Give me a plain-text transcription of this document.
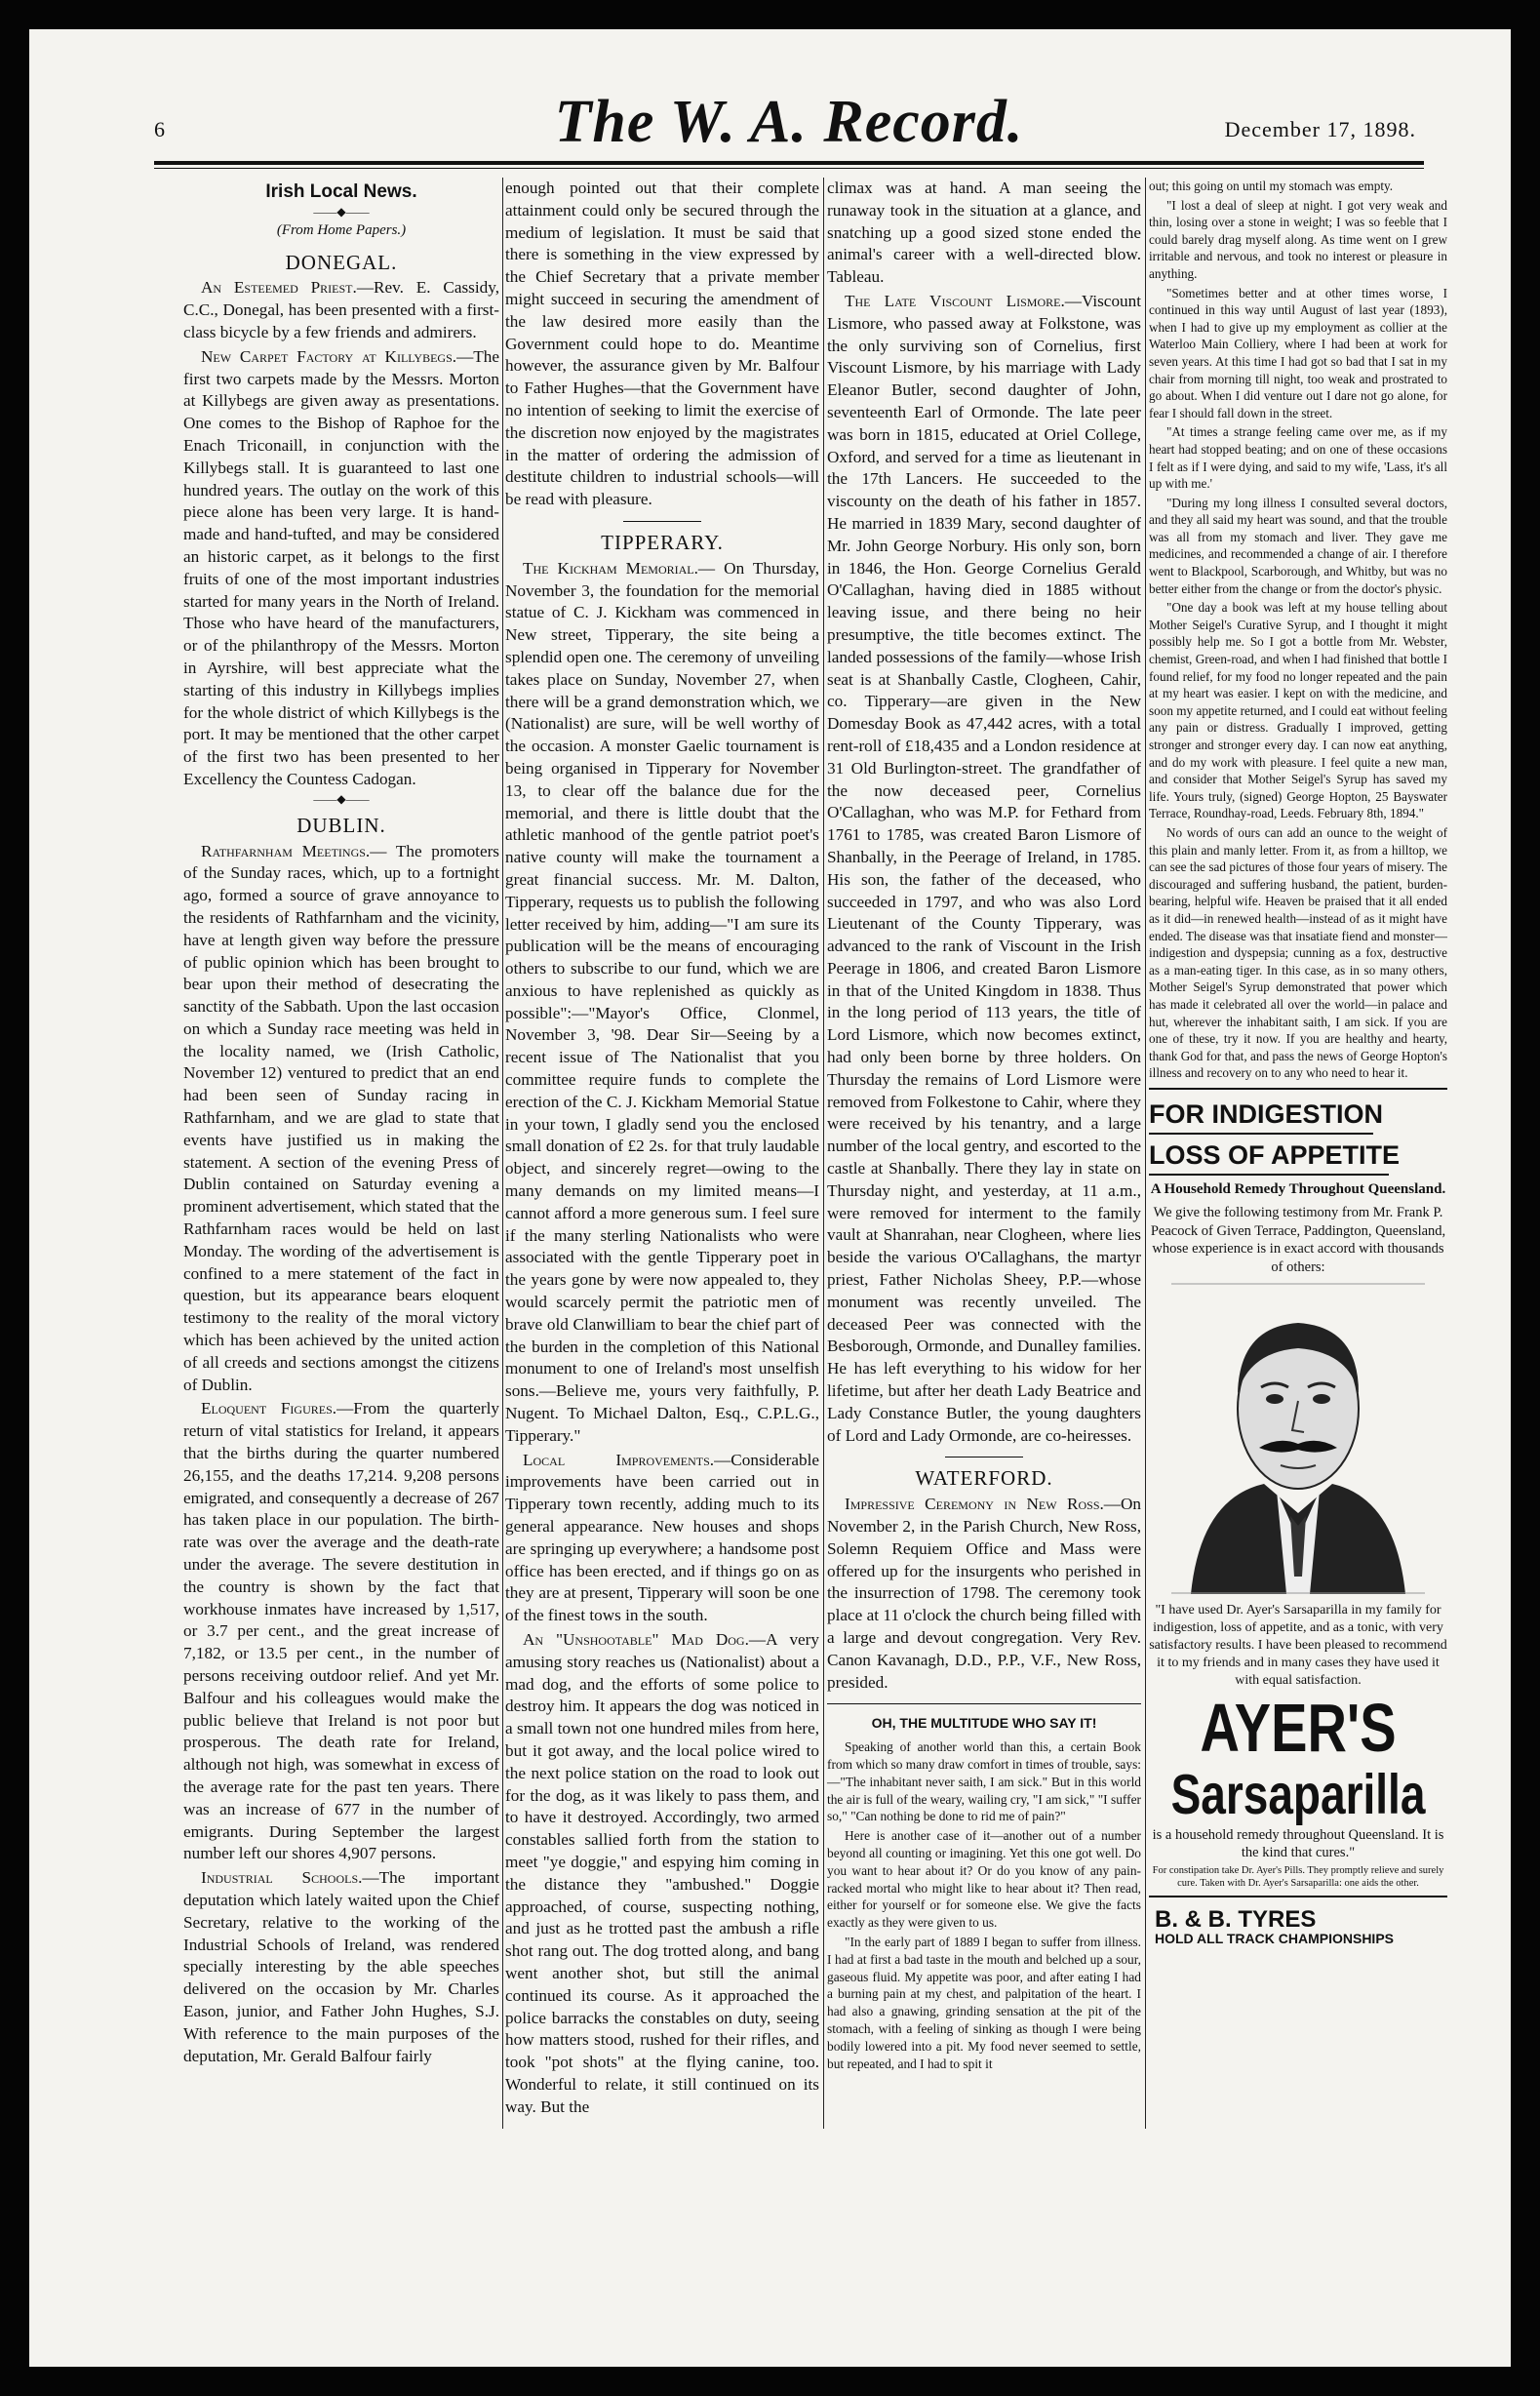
6	The W. A. Record.	December 17, 1898.
Irish Local News.
——◆——
(From Home Papers.)
DONEGAL.

An Esteemed Priest.—Rev. E. Cassidy, C.C., Donegal, has been presented with a first-class bicycle by a few friends and admirers.

New Carpet Factory at Killybegs.—The first two carpets made by the Messrs. Morton at Killybegs are given away as presentations. One comes to the Bishop of Raphoe for the Enach Triconaill, in conjunction with the Killybegs stall. It is guaranteed to last one hundred years. The outlay on the work of this piece alone has been very large. It is hand-made and hand-tufted, and may be considered an historic carpet, as it belongs to the first fruits of one of the most important industries started for many years in the North of Ireland. Those who have heard of the manufacturers, or of the philanthropy of the Messrs. Morton in Ayrshire, will best appreciate what the starting of this industry in Killybegs implies for the whole district of which Killybegs is the port. It may be mentioned that the other carpet of the first two has been presented to her Excellency the Countess Cadogan.

——◆——
DUBLIN.

Rathfarnham Meetings.— The promoters of the Sunday races, which, up to a fortnight ago, formed a source of grave annoyance to the residents of Rathfarnham and the vicinity, have at length given way before the pressure of public opinion which has been brought to bear upon their method of desecrating the sanctity of the Sabbath. Upon the last occasion on which a Sunday race meeting was held in the locality named, we (Irish Catholic, November 12) ventured to predict that an end had been seen of Sunday racing in Rathfarnham, and we are glad to state that events have justified us in making the statement. A section of the evening Press of Dublin contained on Saturday evening a prominent advertisement, which stated that the Rathfarnham races would be held on last Monday. The wording of the advertisement is confined to a mere statement of the fact in question, but its appearance bears eloquent testimony to the reality of the moral victory which has been achieved by the united action of all creeds and sections amongst the citizens of Dublin.

Eloquent Figures.—From the quarterly return of vital statistics for Ireland, it appears that the births during the quarter numbered 26,155, and the deaths 17,214. 9,208 persons emigrated, and consequently a decrease of 267 has taken place in our population. The birth-rate was over the average and the death-rate under the average. The severe destitution in the country is shown by the fact that workhouse inmates have increased by 1,517, or 3.7 per cent., and the great increase of 7,182, or 13.5 per cent., in the number of persons receiving outdoor relief. And yet Mr. Balfour and his colleagues would make the public believe that Ireland is not poor but prosperous. The death rate for Ireland, although not high, was somewhat in excess of the average rate for the past ten years. There was an increase of 677 in the number of emigrants. During September the largest number left our shores 4,907 persons.

Industrial Schools.—The important deputation which lately waited upon the Chief Secretary, relative to the working of the Industrial Schools of Ireland, was rendered specially interesting by the able speeches delivered on the occasion by Mr. Charles Eason, junior, and Father John Hughes, S.J. With reference to the main purposes of the deputation, Mr. Gerald Balfour fairly

enough pointed out that their complete attainment could only be secured through the medium of legislation. It must be said that there is something in the view expressed by the Chief Secretary that a private member might succeed in securing the amendment of the law desired more easily than the Government could hope to do. Meantime however, the assurance given by Mr. Balfour to Father Hughes—that the Government have no intention of seeking to limit the exercise of the discretion now enjoyed by the magistrates in the matter of ordering the admission of destitute children to industrial schools—will be read with pleasure.

TIPPERARY.

The Kickham Memorial.— On Thursday, November 3, the foundation for the memorial statue of C. J. Kickham was commenced in New street, Tipperary, the site being a splendid open one. The ceremony of unveiling takes place on Sunday, November 27, when there will be a grand demonstration which, we (Nationalist) are sure, will be well worthy of the occasion. A monster Gaelic tournament is being organised in Tipperary for November 13, to clear off the balance due for the memorial, and there is little doubt that the athletic manhood of the gentle patriot poet's native county will make the tournament a great financial success. Mr. M. Dalton, Tipperary, requests us to publish the following letter received by him, adding—"I am sure its publication will be the means of encouraging others to subscribe to our fund, which we are anxious to have replenished as quickly as possible":—"Mayor's Office, Clonmel, November 3, '98. Dear Sir—Seeing by a recent issue of The Nationalist that you committee require funds to complete the erection of the C. J. Kickham Memorial Statue in your town, I gladly send you the enclosed small donation of £2 2s. for that truly laudable object, and sincerely regret—owing to the many demands on my limited means—I cannot afford a more generous sum. I feel sure if the many sterling Nationalists who were associated with the gentle Tipperary poet in the years gone by were now appealed to, they would scarcely permit the patriotic men of brave old Clanwilliam to bear the chief part of the burden in the completion of this National monument to one of Ireland's most unselfish sons.—Believe me, yours very faithfully, P. Nugent. To Michael Dalton, Esq., C.P.L.G., Tipperary."

Local Improvements.—Considerable improvements have been carried out in Tipperary town recently, adding much to its general appearance. New houses and shops are springing up everywhere; a handsome post office has been erected, and if things go on as they are at present, Tipperary will soon be one of the finest tows in the south.

An "Unshootable" Mad Dog.—A very amusing story reaches us (Nationalist) about a mad dog, and the efforts of some police to destroy him. It appears the dog was noticed in a small town not one hundred miles from here, but it got away, and the local police wired to the next police station on the road to look out for the dog, as it was likely to pass them, and to have it destroyed. Accordingly, two armed constables sallied forth from the station to meet "ye doggie," and espying him coming in the distance they "ambushed." Doggie approached, of course, suspecting nothing, and just as he trotted past the ambush a rifle shot rang out. The dog trotted along, and bang went another shot, but still the animal continued its course. As it approached the police barracks the constables on duty, seeing how matters stood, rushed for their rifles, and took "pot shots" at the flying canine, too. Wonderful to relate, it still continued on its way. But the

climax was at hand. A man seeing the runaway took in the situation at a glance, and snatching up a good sized stone ended the animal's career with a well-directed blow. Tableau.

The Late Viscount Lismore.—Viscount Lismore, who passed away at Folkstone, was the only surviving son of Cornelius, first Viscount Lismore, by his marriage with Lady Eleanor Butler, second daughter of John, seventeenth Earl of Ormonde. The late peer was born in 1815, educated at Oriel College, Oxford, and served for a time as lieutenant in the 17th Lancers. He succeeded to the viscounty on the death of his father in 1857. He married in 1839 Mary, second daughter of Mr. John George Norbury. His only son, born in 1846, the Hon. George Cornelius Gerald O'Callaghan, having died in 1885 without leaving issue, and there being no heir presumptive, the title becomes extinct. The landed possessions of the family—whose Irish seat is at Shanbally Castle, Clogheen, Cahir, co. Tipperary—are given in the New Domesday Book as 47,442 acres, with a total rent-roll of £18,435 and a London residence at 31 Old Burlington-street. The grandfather of the now deceased peer, Cornelius O'Callaghan, who was M.P. for Fethard from 1761 to 1785, was created Baron Lismore of Shanbally, in the Peerage of Ireland, in 1785. His son, the father of the deceased, who succeeded in 1797, and who was also Lord Lieutenant of the County Tipperary, was advanced to the rank of Viscount in the Irish Peerage in 1806, and created Baron Lismore in that of the United Kingdom in 1838. Thus in the long period of 113 years, the title of Lord Lismore, which now becomes extinct, had only been borne by three holders. On Thursday the remains of Lord Lismore were removed from Folkestone to Cahir, where they were received by his tenantry, and a large number of the local gentry, and escorted to the castle at Shanbally. There they lay in state on Thursday night, and yesterday, at 11 a.m., were removed for interment to the family vault at Shanrahan, near Clogheen, where lies beside the various O'Callaghans, the martyr priest, Father Nicholas Sheey, P.P.—whose monument was recently unveiled. The deceased Peer was connected with the Besborough, Ormonde, and Dunalley families. He has left everything to his widow for her lifetime, but after her death Lady Beatrice and Lady Constance Butler, the young daughters of Lord and Lady Ormonde, are co-heiresses.

WATERFORD.

Impressive Ceremony in New Ross.—On November 2, in the Parish Church, New Ross, Solemn Requiem Office and Mass were offered up for the insurgents who perished in the insurrection of 1798. The ceremony took place at 11 o'clock the church being filled with a large and devout congregation. Very Rev. Canon Kavanagh, D.D., P.P., V.F., New Ross, presided.

OH, THE MULTITUDE WHO SAY IT!

Speaking of another world than this, a certain Book from which so many draw comfort in times of trouble, says:—"The inhabitant never saith, I am sick." But in this world the air is full of the weary, wailing cry, "I am sick," "I suffer so," "Can nothing be done to rid me of pain?"

Here is another case of it—another out of a number beyond all counting or imagining. Yet this one got well. Do you want to hear about it? Or do you know of any pain-racked mortal who might like to hear about it? Then read, either for yourself or for someone else. We give the facts exactly as they were given to us.

"In the early part of 1889 I began to suffer from illness. I had at first a bad taste in the mouth and belched up a sour, gaseous fluid. My appetite was poor, and after eating I had a burning pain at my chest, and palpitation of the heart. I had also a gnawing, grinding sensation at the pit of the stomach, with a feeling of sinking as though I were being bodily lowered into a pit. My food never seemed to settle, but repeated, and I had to spit it

out; this going on until my stomach was empty.

"I lost a deal of sleep at night. I got very weak and thin, losing over a stone in weight; I was so feeble that I could barely drag myself along. As time went on I grew irritable and nervous, and took no interest or pleasure in anything.

"Sometimes better and at other times worse, I continued in this way until August of last year (1893), when I had to give up my employment as collier at the Waterloo Main Colliery, where I had been at work for seven years. At this time I had got so bad that I sat in my chair from morning till night, too weak and prostrated to go about. When I did venture out I dare not go alone, for fear I should fall down in the street.

"At times a strange feeling came over me, as if my heart had stopped beating; and on one of these occasions I felt as if I were dying, and said to my wife, 'Lass, it's all up with me.'

"During my long illness I consulted several doctors, and they all said my heart was sound, and that the trouble was all from my stomach and liver. They gave me medicines, and recommended a change of air. I therefore went to Blackpool, Scarborough, and Whitby, but was no better either from the change or from the doctor's physic.

"One day a book was left at my house telling about Mother Seigel's Curative Syrup, and I thought it might possibly help me. So I got a bottle from Mr. Webster, chemist, Green-road, and when I had finished that bottle I found relief, for my food no longer repeated and the pain at my heart was easier. I kept on with the medicine, and soon my appetite returned, and I could eat without feeling any pain or distress. Gradually I improved, getting stronger and stronger every day. I can now eat anything, and do my work with pleasure. I feel quite a new man, and consider that Mother Seigel's Syrup has saved my life. Yours truly, (signed) George Hopton, 25 Bayswater Terrace, Roundhay-road, Leeds. February 8th, 1894."

No words of ours can add an ounce to the weight of this plain and manly letter. From it, as from a hilltop, we can see the sad pictures of those four years of misery. The discouraged and suffering husband, the patient, burden-bearing, helpful wife. Heaven be praised that it all ended as it did—in renewed health—instead of as it might have ended. The disease was that insatiate fiend and monster—indigestion and dyspepsia; cunning as a fox, destructive as a man-eating tiger. In this case, as in so many others, Mother Seigel's Syrup demonstrated that power which has made it celebrated all over the world—in palace and hut, wherever the inhabitant saith, I am sick. If you are one of these, try it now. If you are healthy and hearty, thank God for that, and pass the news of George Hopton's illness and recovery on to any who need to hear it.

FOR INDIGESTION
LOSS OF APPETITE
A Household Remedy Throughout Queensland.
We give the following testimony from Mr. Frank P. Peacock of Given Terrace, Paddington, Queensland, whose experience is in exact accord with thousands of others:
"I have used Dr. Ayer's Sarsaparilla in my family for indigestion, loss of appetite, and as a tonic, with very satisfactory results. I have been pleased to recommend it to my friends and in many cases they have used it with equal satisfaction.
AYER'S
Sarsaparilla
is a household remedy throughout Queensland. It is the kind that cures."
For constipation take Dr. Ayer's Pills. They promptly relieve and surely cure. Taken with Dr. Ayer's Sarsaparilla: one aids the other.
B. & B. TYRES
HOLD ALL TRACK CHAMPIONSHIPS
